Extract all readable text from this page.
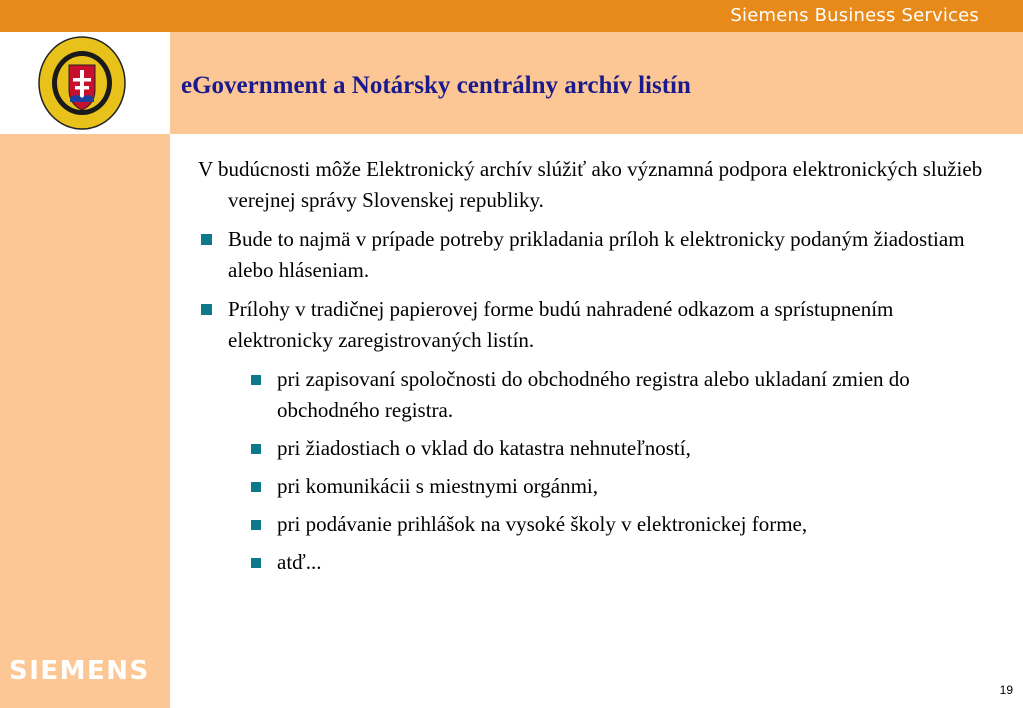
Siemens Business Services
eGovernment a Notársky centrálny archív listín

V budúcnosti môže Elektronický archív slúžiť ako významná podpora elektronických služieb verejnej správy Slovenskej republiky.

Bude to najmä v prípade potreby prikladania príloh k elektronicky podaným žiadostiam alebo hláseniam.
Prílohy v tradičnej papierovej forme budú nahradené odkazom a sprístupnením elektronicky zaregistrovaných listín.
pri zapisovaní spoločnosti do obchodného registra alebo ukladaní zmien do obchodného registra.
pri žiadostiach o vklad do katastra nehnuteľností,
pri komunikácii s miestnymi orgánmi,
pri podávanie prihlášok na vysoké školy v elektronickej forme,
atď...
SIEMENS
19
